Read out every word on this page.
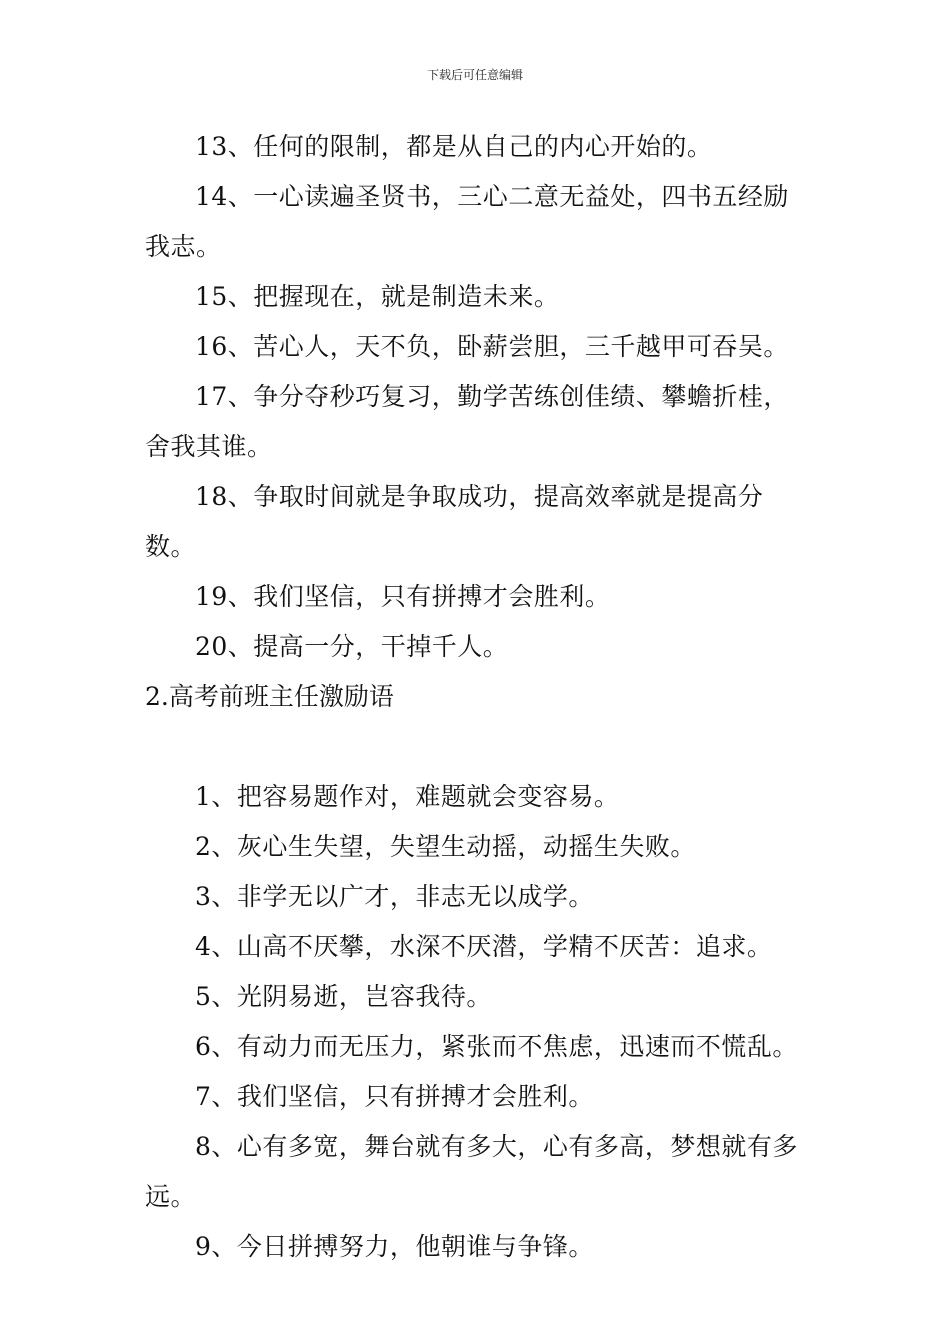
下载后可任意编辑

13、任何的限制，都是从自己的内心开始的。

14、一心读遍圣贤书，三心二意无益处，四书五经励我志。

15、把握现在，就是制造未来。

16、苦心人，天不负，卧薪尝胆，三千越甲可吞吴。

17、争分夺秒巧复习，勤学苦练创佳绩、攀蟾折桂，舍我其谁。

18、争取时间就是争取成功，提高效率就是提高分数。

19、我们坚信，只有拼搏才会胜利。

20、提高一分，干掉千人。

2.高考前班主任激励语

1、把容易题作对，难题就会变容易。

2、灰心生失望，失望生动摇，动摇生失败。

3、非学无以广才，非志无以成学。

4、山高不厌攀，水深不厌潜，学精不厌苦：追求。

5、光阴易逝，岂容我待。

6、有动力而无压力，紧张而不焦虑，迅速而不慌乱。

7、我们坚信，只有拼搏才会胜利。

8、心有多宽，舞台就有多大，心有多高，梦想就有多远。

9、今日拼搏努力，他朝谁与争锋。
